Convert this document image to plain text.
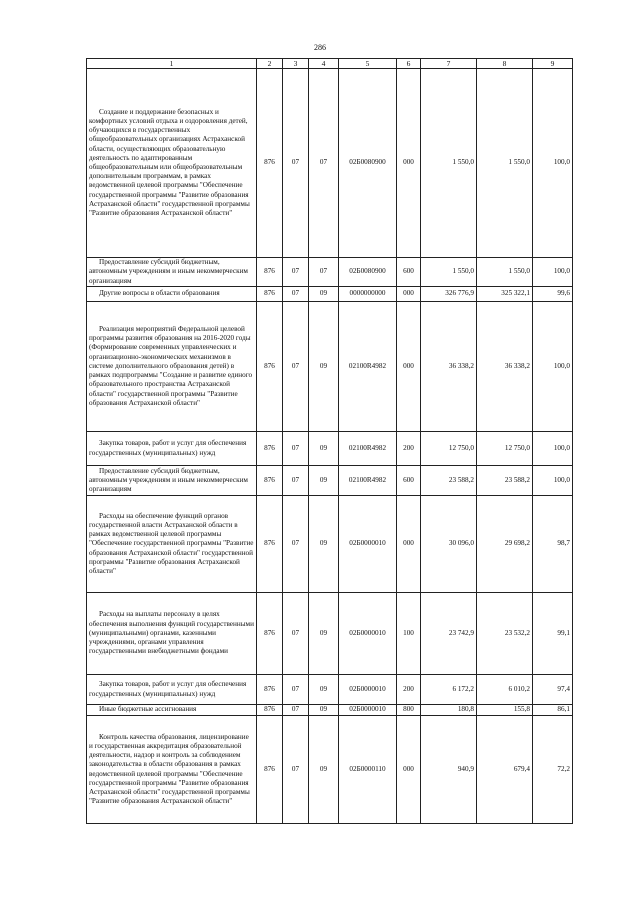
286
1	2	3	4	5	6	7	8	9

Создание и поддержание безопасных и комфортных условий отдыха и оздоровления детей, обучающихся в государственных общеобразовательных организациях Астраханской области, осуществляющих образовательную деятельность по адаптированным общеобразовательным или общеобразовательным дополнительным программам, в рамках ведомственной целевой программы "Обеспечение государственной программы "Развитие образования Астраханской области" государственной программы "Развитие образования Астраханской области"	876	07	07	02Б0080900	000	1 550,0	1 550,0	100,0

Предоставление субсидий бюджетным, автономным учреждениям и иным некоммерческим организациям	876	07	07	02Б0080900	600	1 550,0	1 550,0	100,0

Другие вопросы в области образования	876	07	09	0000000000	000	326 776,9	325 322,1	99,6

Реализация мероприятий Федеральной целевой программы развития образования на 2016-2020 годы (Формирование современных управленческих и организационно-экономических механизмов в системе дополнительного образования детей) в рамках подпрограммы "Создание и развитие единого образовательного пространства Астраханской области" государственной программы "Развитие образования Астраханской области"	876	07	09	02100R4982	000	36 338,2	36 338,2	100,0

Закупка товаров, работ и услуг для обеспечения государственных (муниципальных) нужд	876	07	09	02100R4982	200	12 750,0	12 750,0	100,0

Предоставление субсидий бюджетным, автономным учреждениям и иным некоммерческим организациям	876	07	09	02100R4982	600	23 588,2	23 588,2	100,0

Расходы на обеспечение функций органов государственной власти Астраханской области в рамках ведомственной целевой программы "Обеспечение государственной программы "Развитие образования Астраханской области" государственной программы "Развитие образования Астраханской области"	876	07	09	02Б0000010	000	30 096,0	29 698,2	98,7

Расходы на выплаты персоналу в целях обеспечения выполнения функций государственными (муниципальными) органами, казенными учреждениями, органами управления государственными внебюджетными фондами	876	07	09	02Б0000010	100	23 742,9	23 532,2	99,1

Закупка товаров, работ и услуг для обеспечения государственных (муниципальных) нужд	876	07	09	02Б0000010	200	6 172,2	6 010,2	97,4

Иные бюджетные ассигнования	876	07	09	02Б0000010	800	180,8	155,8	86,1

Контроль качества образования, лицензирование и государственная аккредитация образовательной деятельности, надзор и контроль за соблюдением законодательства в области образования в рамках ведомственной целевой программы "Обеспечение государственной программы "Развитие образования Астраханской области" государственной программы "Развитие образования Астраханской области"	876	07	09	02Б0000110	000	940,9	679,4	72,2
